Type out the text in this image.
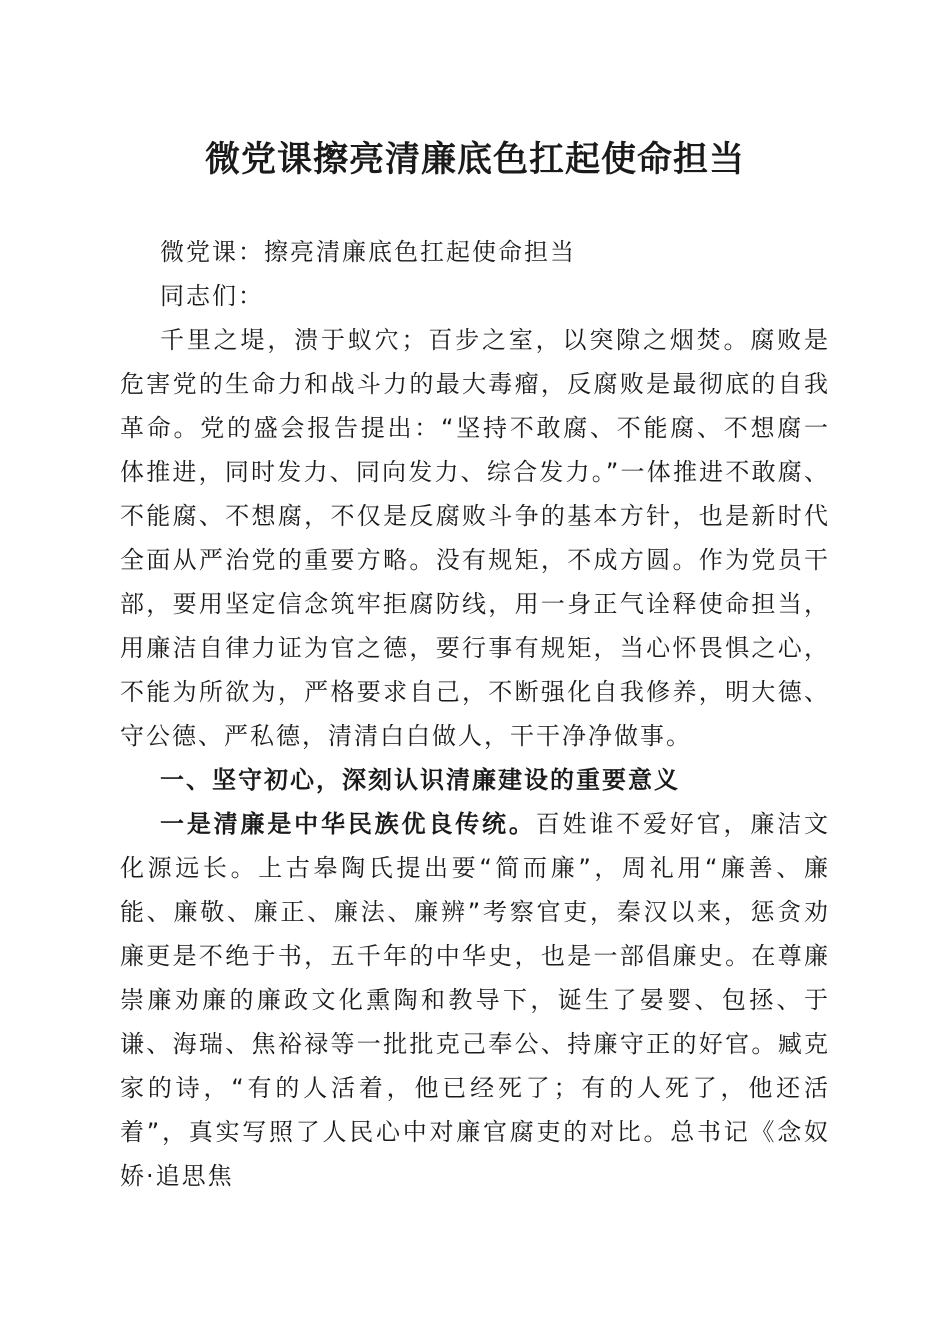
微党课擦亮清廉底色扛起使命担当

微党课：擦亮清廉底色扛起使命担当

同志们：

千里之堤，溃于蚁穴；百步之室，以突隙之烟焚。腐败是危害党的生命力和战斗力的最大毒瘤，反腐败是最彻底的自我革命。党的盛会报告提出：“坚持不敢腐、不能腐、不想腐一体推进，同时发力、同向发力、综合发力。”一体推进不敢腐、不能腐、不想腐，不仅是反腐败斗争的基本方针，也是新时代全面从严治党的重要方略。没有规矩，不成方圆。作为党员干部，要用坚定信念筑牢拒腐防线，用一身正气诠释使命担当，用廉洁自律力证为官之德，要行事有规矩，当心怀畏惧之心，不能为所欲为，严格要求自己，不断强化自我修养，明大德、守公德、严私德，清清白白做人，干干净净做事。

一、坚守初心，深刻认识清廉建设的重要意义

一是清廉是中华民族优良传统。百姓谁不爱好官，廉洁文化源远长。上古皋陶氏提出要“简而廉”，周礼用“廉善、廉能、廉敬、廉正、廉法、廉辨”考察官吏，秦汉以来，惩贪劝廉更是不绝于书，五千年的中华史，也是一部倡廉史。在尊廉崇廉劝廉的廉政文化熏陶和教导下，诞生了晏婴、包拯、于谦、海瑞、焦裕禄等一批批克己奉公、持廉守正的好官。臧克家的诗，“有的人活着，他已经死了；有的人死了，他还活着”，真实写照了人民心中对廉官腐吏的对比。总书记《念奴娇·追思焦
